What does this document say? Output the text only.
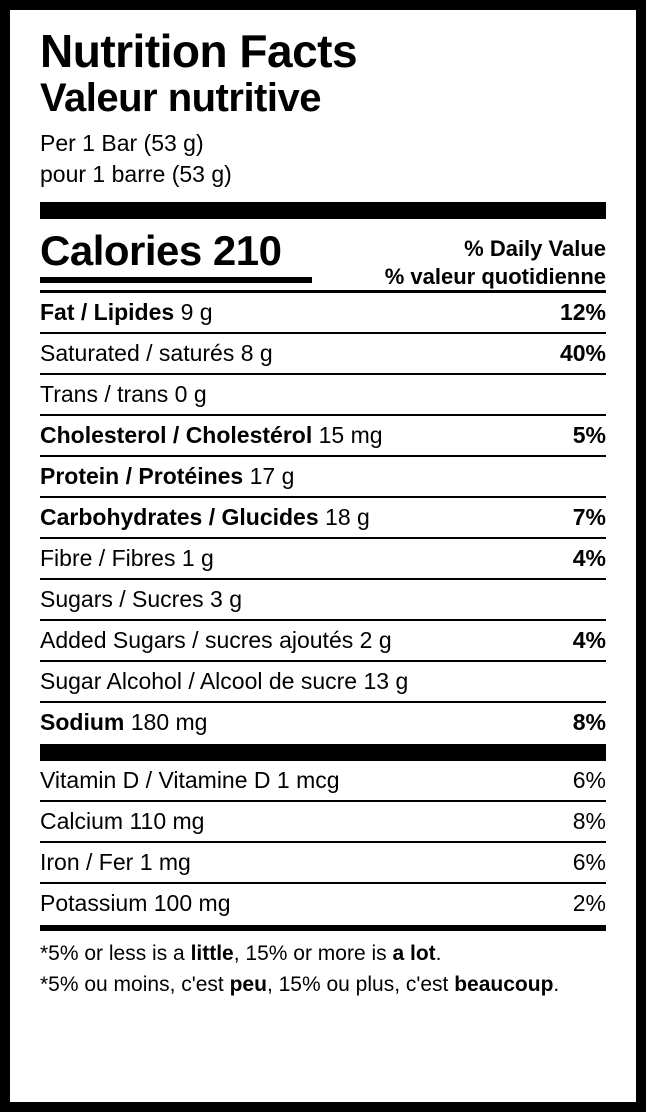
Nutrition Facts
Valeur nutritive
Per 1 Bar (53 g)
pour 1 barre (53 g)
Calories 210	% Daily Value
% valeur quotidienne
Fat / Lipides 9 g	12%
Saturated / saturés 8 g	40%
Trans / trans 0 g	
Cholesterol / Cholestérol 15 mg	5%
Protein / Protéines 17 g	
Carbohydrates / Glucides 18 g	7%
Fibre / Fibres 1 g	4%
Sugars / Sucres 3 g	
Added Sugars / sucres ajoutés 2 g	4%
Sugar Alcohol / Alcool de sucre 13 g	
Sodium 180 mg	8%
Vitamin D / Vitamine D 1 mcg	6%
Calcium 110 mg	8%
Iron / Fer 1 mg	6%
Potassium 100 mg	2%
*5% or less is a little, 15% or more is a lot.
*5% ou moins, c'est peu, 15% ou plus, c'est beaucoup.
